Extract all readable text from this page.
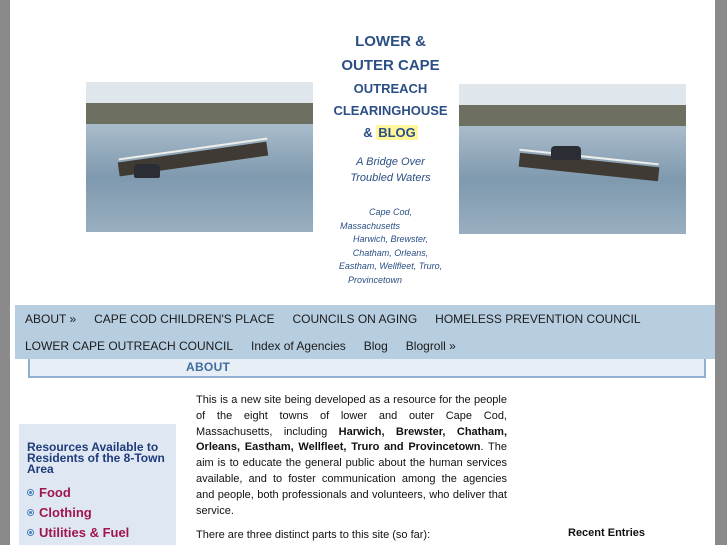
LOWER &
OUTER CAPE
OUTREACH
CLEARINGHOUSE
& BLOG
A Bridge Over
Troubled Waters
Cape Cod,
Massachusetts
Harwich, Brewster,
Chatham, Orleans,
Eastham, Wellfleet, Truro,
Provincetown
ABOUT »	CAPE COD CHILDREN'S PLACE	COUNCILS ON AGING	HOMELESS PREVENTION COUNCIL
LOWER CAPE OUTREACH COUNCIL	Index of Agencies	Blog	Blogroll »
ABOUT
Resources Available to Residents of the 8-Town Area
Food
Clothing
Utilities & Fuel

This is a new site being developed as a resource for the people of the eight towns of lower and outer Cape Cod, Massachusetts, including Harwich, Brewster, Chatham, Orleans, Eastham, Wellfleet, Truro and Provincetown. The aim is to educate the general public about the human services available, and to foster communication among the agencies and people, both professionals and volunteers, who deliver that service.

There are three distinct parts to this site (so far):	Recent Entries
